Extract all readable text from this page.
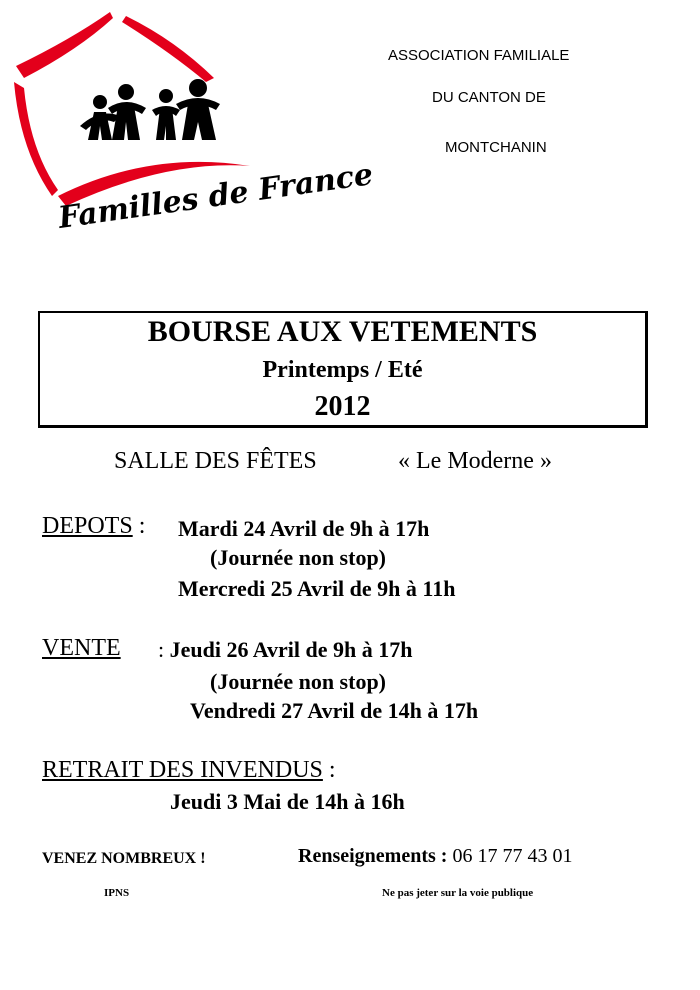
Familles de France
ASSOCIATION FAMILIALE
DU CANTON DE
MONTCHANIN
BOURSE AUX VETEMENTS
Printemps / Eté
2012
SALLE DES FÊTES	« Le Moderne »
DEPOTS : Mardi 24 Avril de 9h à 17h
(Journée non stop)
Mercredi 25 Avril de 9h à 11h
VENTE : Jeudi 26 Avril de 9h à 17h
(Journée non stop)
Vendredi 27 Avril de 14h à 17h
RETRAIT DES INVENDUS :
Jeudi 3 Mai de 14h à 16h
VENEZ NOMBREUX !	Renseignements : 06 17 77 43 01
IPNS	Ne pas jeter sur la voie publique
